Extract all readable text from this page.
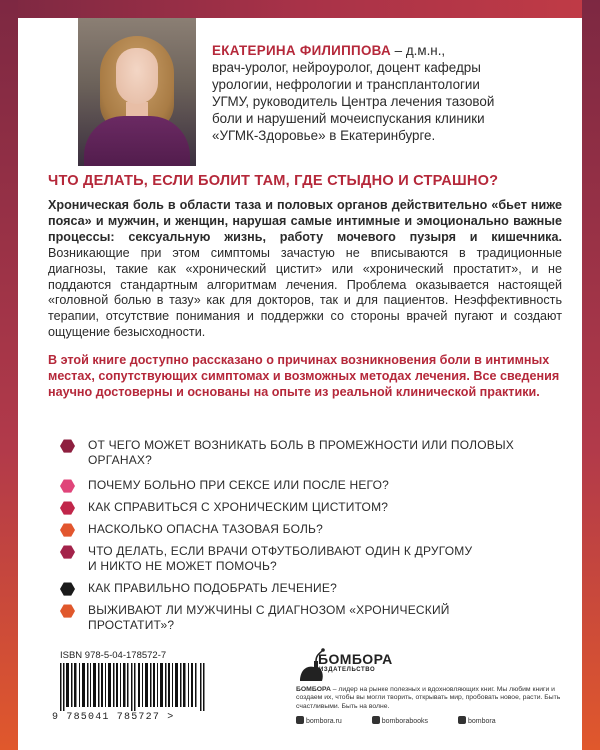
ЕКАТЕРИНА ФИЛИППОВА – д.м.н.,
врач-уролог, нейроуролог, доцент кафедры
урологии, нефрологии и трансплантологии
УГМУ, руководитель Центра лечения тазовой
боли и нарушений мочеиспускания клиники
«УГМК-Здоровье» в Екатеринбурге.
ЧТО ДЕЛАТЬ, ЕСЛИ БОЛИТ ТАМ, ГДЕ СТЫДНО И СТРАШНО?
Хроническая боль в области таза и половых органов действительно «бьет ниже пояса» и мужчин, и женщин, нарушая самые интимные и эмоционально важные процессы: сексуальную жизнь, работу мочевого пузыря и кишечника. Возникающие при этом симптомы зачастую не вписываются в традиционные диагнозы, такие как «хронический цистит» или «хронический простатит», и не поддаются стандартным алгоритмам лечения. Проблема оказывается настоящей «головной болью в тазу» как для докторов, так и для пациентов. Неэффективность терапии, отсутствие понимания и поддержки со стороны врачей пугают и создают ощущение безысходности.
В этой книге доступно рассказано о причинах возникновения боли в интимных местах, сопутствующих симптомах и возможных методах лечения. Все сведения научно достоверны и основаны на опыте из реальной клинической практики.
ОТ ЧЕГО МОЖЕТ ВОЗНИКАТЬ БОЛЬ В ПРОМЕЖНОСТИ ИЛИ ПОЛОВЫХ
ОРГАНАХ?
ПОЧЕМУ БОЛЬНО ПРИ СЕКСЕ ИЛИ ПОСЛЕ НЕГО?
КАК СПРАВИТЬСЯ С ХРОНИЧЕСКИМ ЦИСТИТОМ?
НАСКОЛЬКО ОПАСНА ТАЗОВАЯ БОЛЬ?
ЧТО ДЕЛАТЬ, ЕСЛИ ВРАЧИ ОТФУТБОЛИВАЮТ ОДИН К ДРУГОМУ
И НИКТО НЕ МОЖЕТ ПОМОЧЬ?
КАК ПРАВИЛЬНО ПОДОБРАТЬ ЛЕЧЕНИЕ?
ВЫЖИВАЮТ ЛИ МУЖЧИНЫ С ДИАГНОЗОМ «ХРОНИЧЕСКИЙ
ПРОСТАТИТ»?
ISBN 978-5-04-178572-7
9 785041 785727 >
БОМБОРА
ИЗДАТЕЛЬСТВО
БОМБОРА – лидер на рынке полезных и вдохновляющих книг. Мы любим книги и создаем их, чтобы вы могли творить, открывать мир, пробовать новое, расти. Быть счастливыми. Быть на волне.
bombora.ru	bomborabooks	bombora
